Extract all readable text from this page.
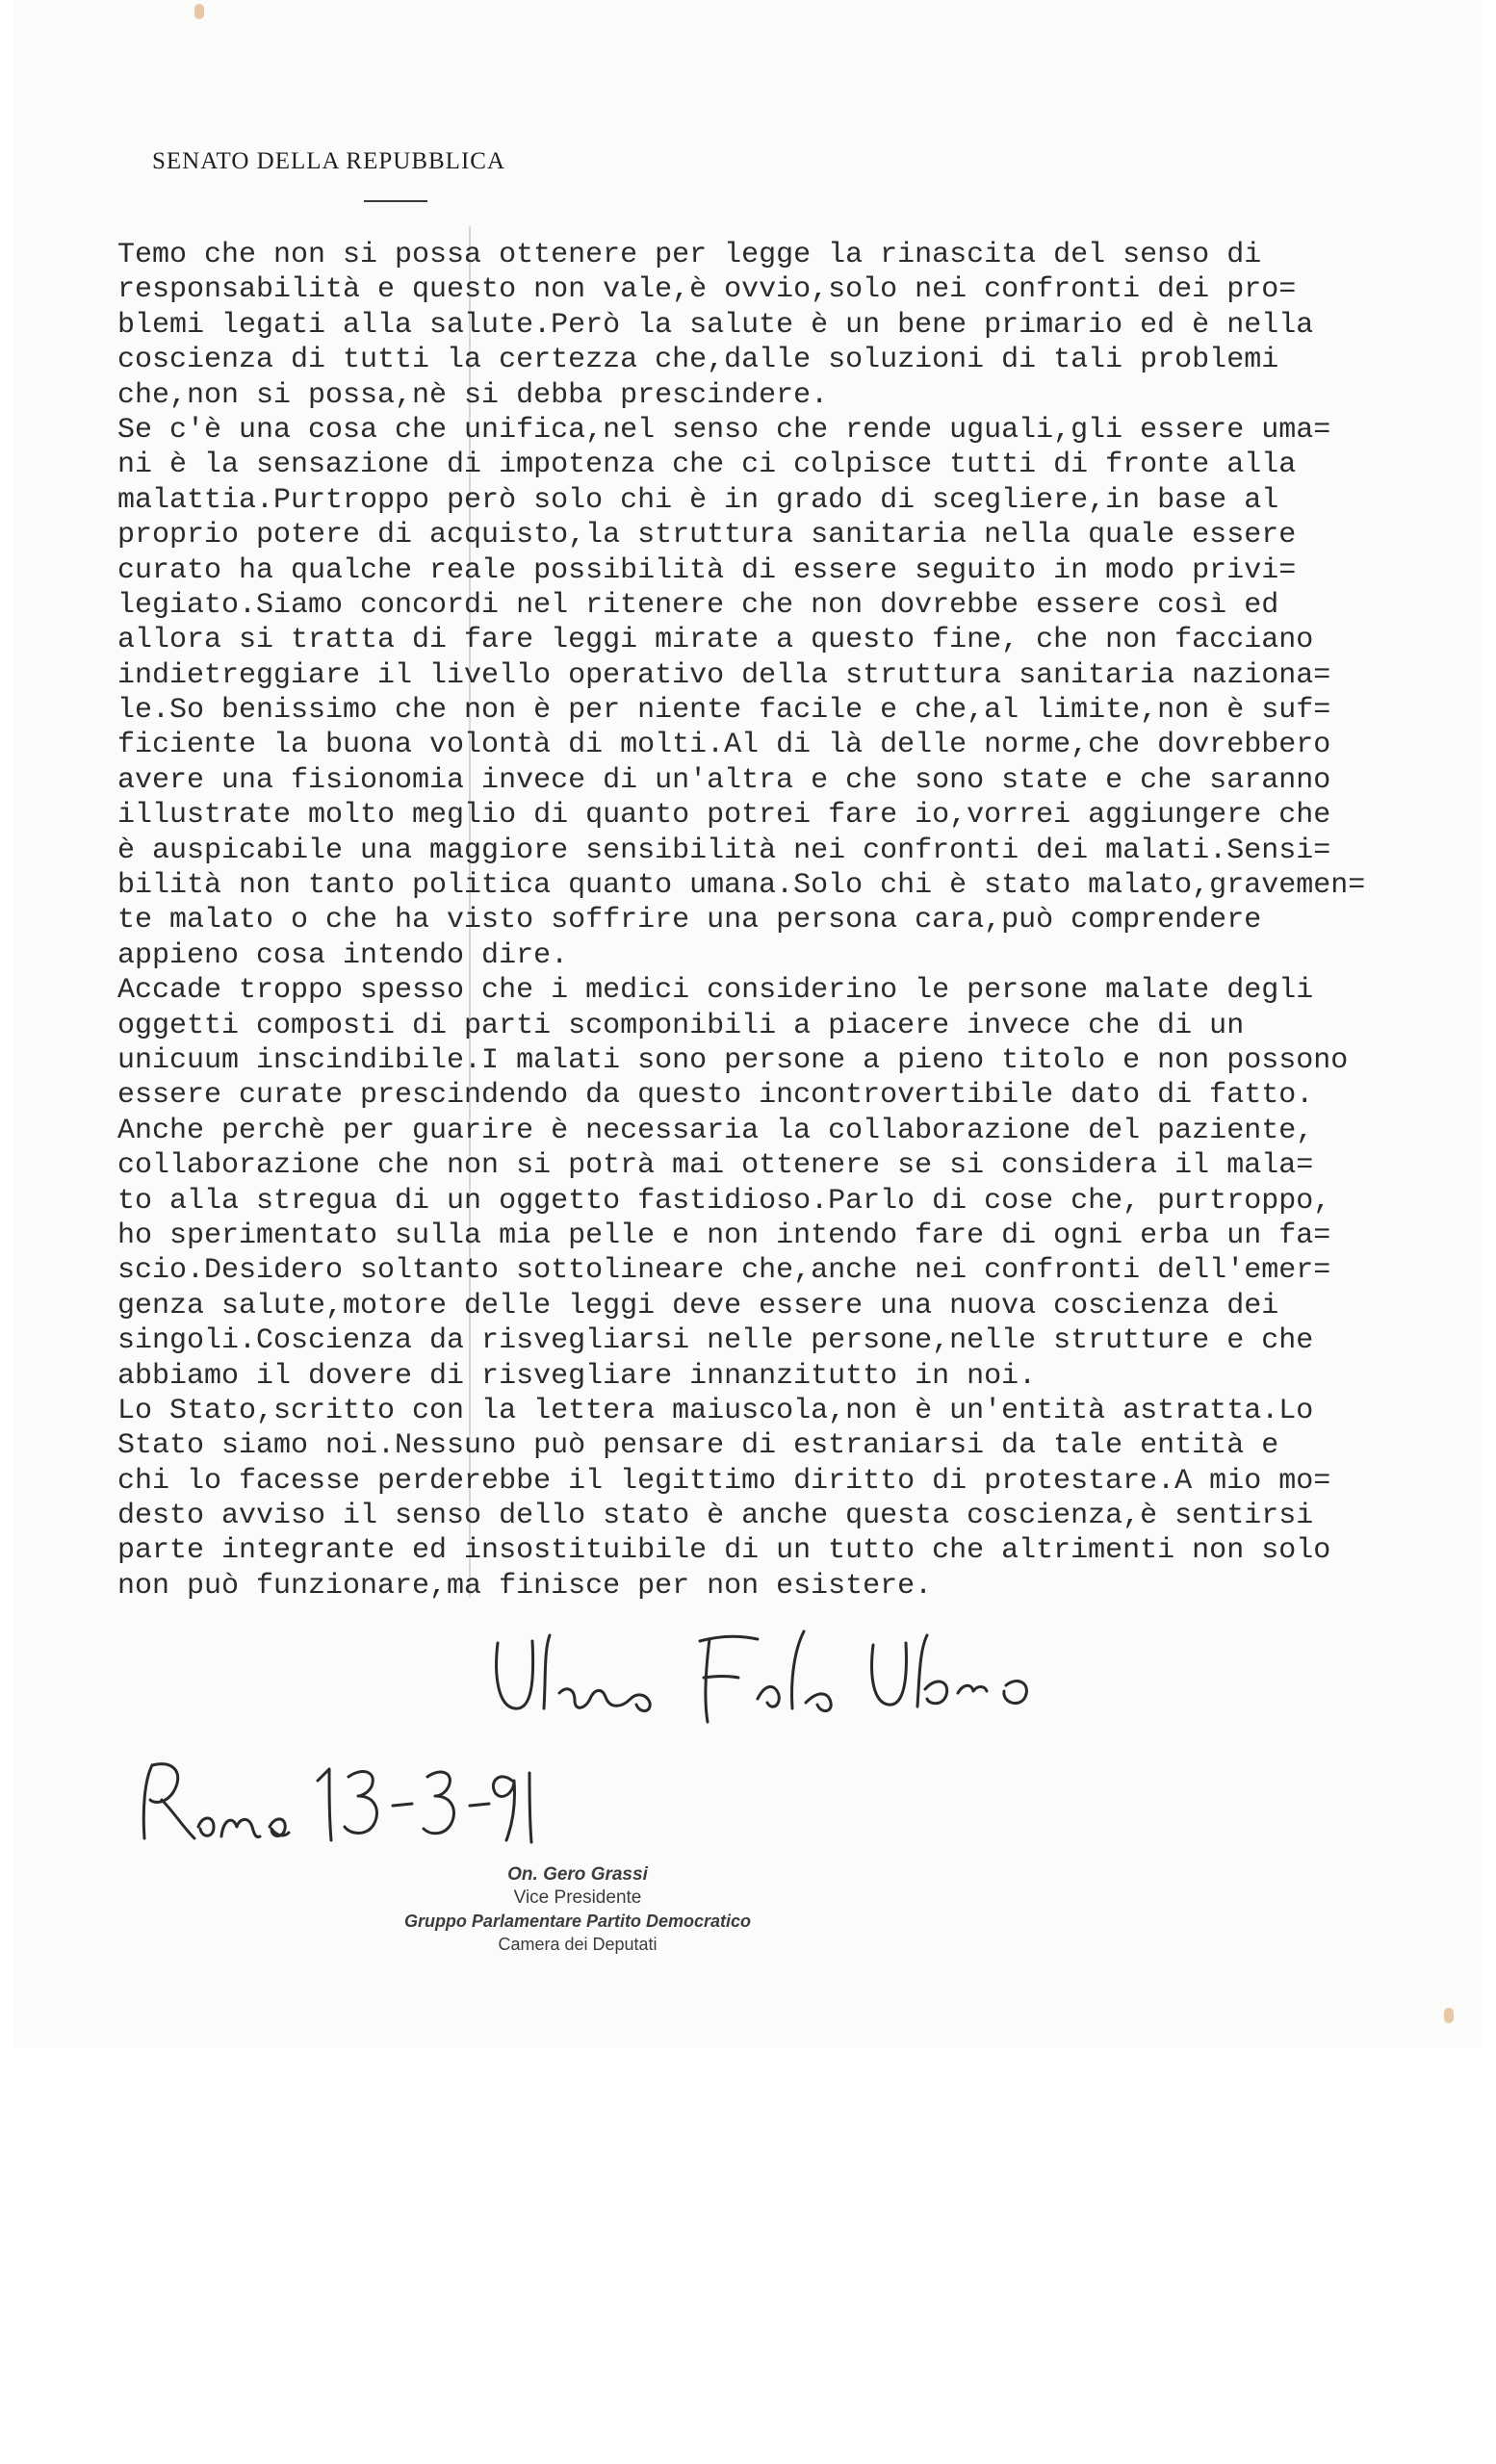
SENATO DELLA REPUBBLICA
Temo che non si possa ottenere per legge la rinascita del senso di
responsabilità e questo non vale,è ovvio,solo nei confronti dei pro=
blemi legati alla salute.Però la salute è un bene primario ed è nella
coscienza di tutti la certezza che,dalle soluzioni di tali problemi
che,non si possa,nè si debba prescindere.
Se c'è una cosa che unifica,nel senso che rende uguali,gli essere uma=
ni è la sensazione di impotenza che ci colpisce tutti di fronte alla
malattia.Purtroppo però solo chi è in grado di scegliere,in base al
proprio potere di acquisto,la struttura sanitaria nella quale essere
curato ha qualche reale possibilità di essere seguito in modo privi=
legiato.Siamo concordi nel ritenere che non dovrebbe essere così ed
allora si tratta di fare leggi mirate a questo fine, che non facciano
indietreggiare il livello operativo della struttura sanitaria naziona=
le.So benissimo che non è per niente facile e che,al limite,non è suf=
ficiente la buona volontà di molti.Al di là delle norme,che dovrebbero
avere una fisionomia invece di un'altra e che sono state e che saranno
illustrate molto meglio di quanto potrei fare io,vorrei aggiungere che
è auspicabile una maggiore sensibilità nei confronti dei malati.Sensi=
bilità non tanto politica quanto umana.Solo chi è stato malato,gravemen=
te malato o che ha visto soffrire una persona cara,può comprendere
appieno cosa intendo dire.
Accade troppo spesso che i medici considerino le persone malate degli
oggetti composti di parti scomponibili a piacere invece che di un
unicuum inscindibile.I malati sono persone a pieno titolo e non possono
essere curate prescindendo da questo incontrovertibile dato di fatto.
Anche perchè per guarire è necessaria la collaborazione del paziente,
collaborazione che non si potrà mai ottenere se si considera il mala=
to alla stregua di un oggetto fastidioso.Parlo di cose che, purtroppo,
ho sperimentato sulla mia pelle e non intendo fare di ogni erba un fa=
scio.Desidero soltanto sottolineare che,anche nei confronti dell'emer=
genza salute,motore delle leggi deve essere una nuova coscienza dei
singoli.Coscienza da risvegliarsi nelle persone,nelle strutture e che
abbiamo il dovere di risvegliare innanzitutto in noi.
Lo Stato,scritto con la lettera maiuscola,non è un'entità astratta.Lo
Stato siamo noi.Nessuno può pensare di estraniarsi da tale entità e
chi lo facesse perderebbe il legittimo diritto di protestare.A mio mo=
desto avviso il senso dello stato è anche questa coscienza,è sentirsi
parte integrante ed insostituibile di un tutto che altrimenti non solo
non può funzionare,ma finisce per non esistere.
On. Gero Grassi
Vice Presidente
Gruppo Parlamentare Partito Democratico
Camera dei Deputati
